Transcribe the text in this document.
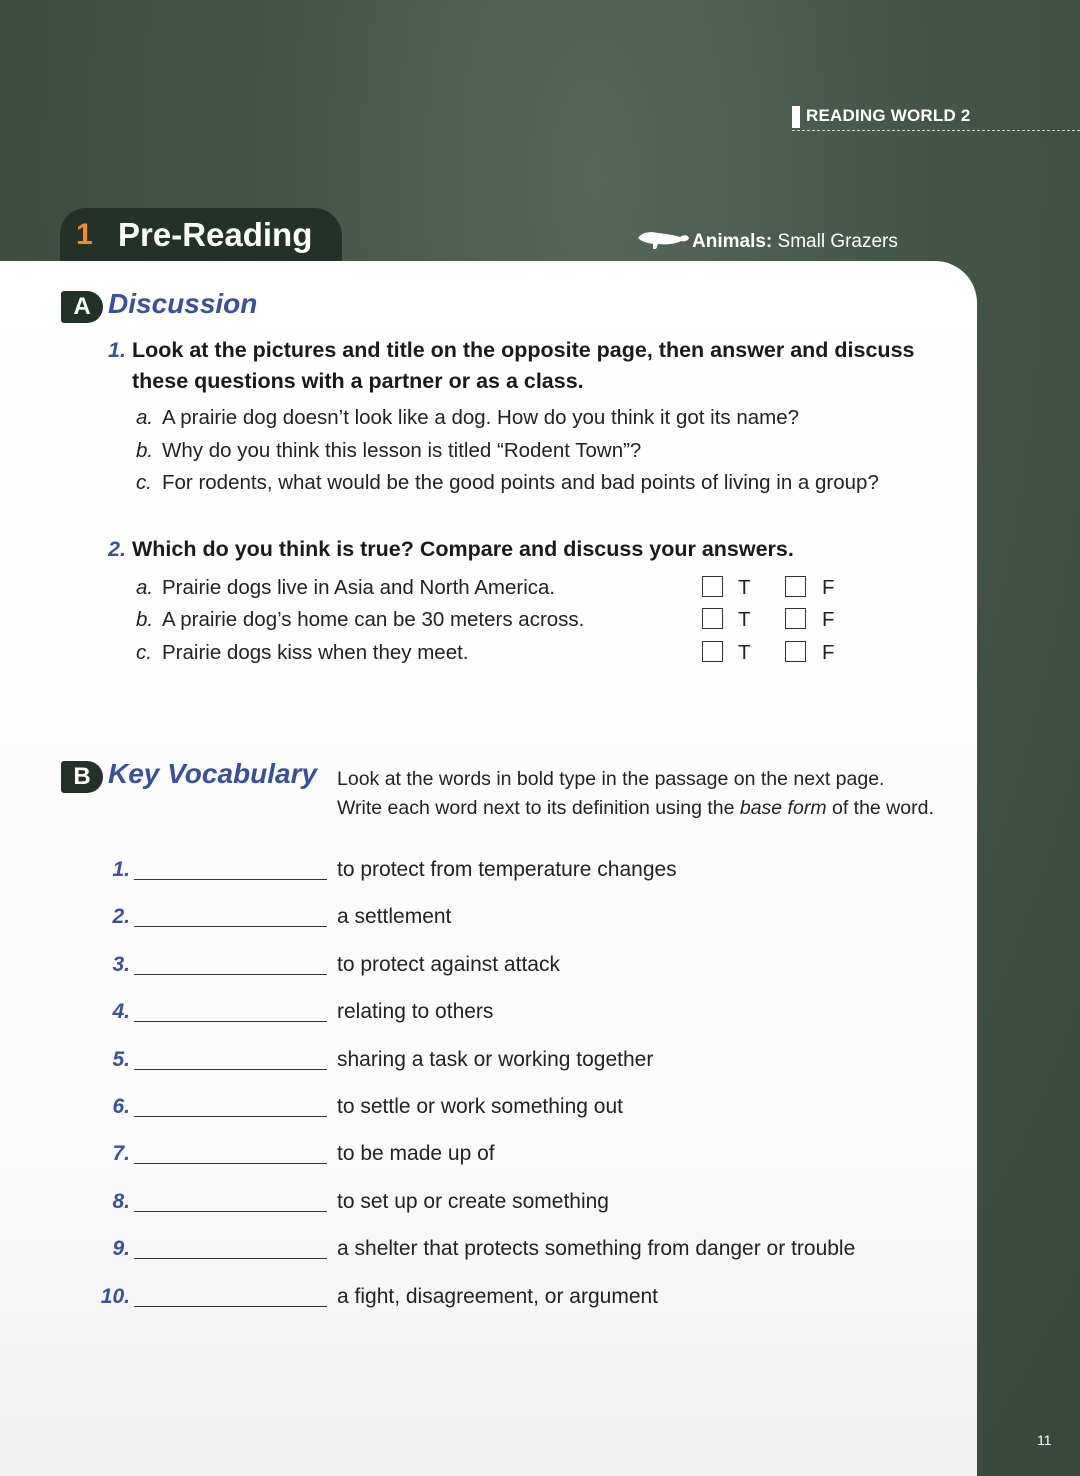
READING WORLD 2
1 Pre-Reading	Animals: Small Grazers
A Discussion
1. Look at the pictures and title on the opposite page, then answer and discuss
these questions with a partner or as a class.
a. A prairie dog doesn’t look like a dog. How do you think it got its name?
b. Why do you think this lesson is titled “Rodent Town”?
c. For rodents, what would be the good points and bad points of living in a group?
2. Which do you think is true? Compare and discuss your answers.
a. Prairie dogs live in Asia and North America.
b. A prairie dog’s home can be 30 meters across.
c. Prairie dogs kiss when they meet.
T	F
T	F
T	F
B Key Vocabulary Look at the words in bold type in the passage on the next page.
Write each word next to its definition using the base form of the word.
1.	to protect from temperature changes
2.	a settlement
3.	to protect against attack
4.	relating to others
5.	sharing a task or working together
6.	to settle or work something out
7.	to be made up of
8.	to set up or create something
9.	a shelter that protects something from danger or trouble
10.	a fight, disagreement, or argument
11
